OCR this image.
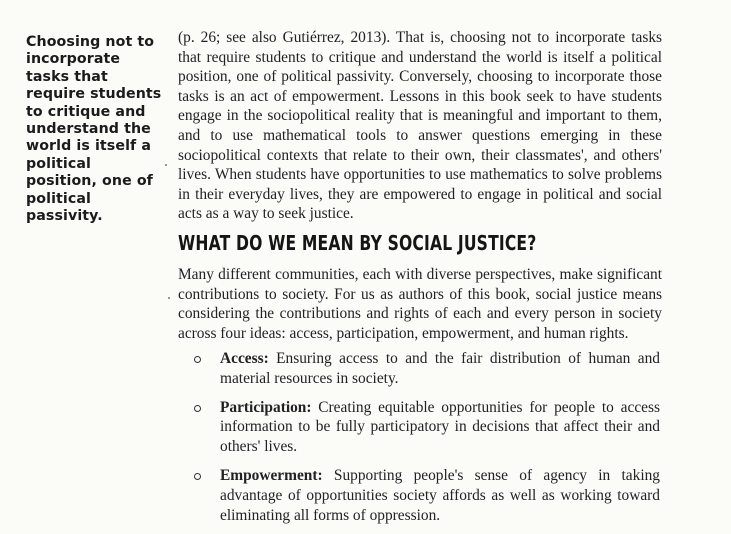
Choosing not to incorporate tasks that require students to critique and understand the world is itself a political position, one of political passivity.
(p. 26; see also Gutiérrez, 2013). That is, choosing not to incorporate tasks that require students to critique and understand the world is itself a political position, one of political passivity. Conversely, choosing to incorporate those tasks is an act of empowerment. Lessons in this book seek to have students engage in the sociopolitical reality that is meaningful and important to them, and to use mathematical tools to answer questions emerging in these sociopolitical contexts that relate to their own, their classmates', and others' lives. When students have opportunities to use mathematics to solve problems in their everyday lives, they are empowered to engage in political and social acts as a way to seek justice.
WHAT DO WE MEAN BY SOCIAL JUSTICE?
Many different communities, each with diverse perspectives, make significant contributions to society. For us as authors of this book, social justice means considering the contributions and rights of each and every person in society across four ideas: access, participation, empowerment, and human rights.
Access: Ensuring access to and the fair distribution of human and material resources in society.
Participation: Creating equitable opportunities for people to access information to be fully participatory in decisions that affect their and others' lives.
Empowerment: Supporting people's sense of agency in taking advantage of opportunities society affords as well as working toward eliminating all forms of oppression.
